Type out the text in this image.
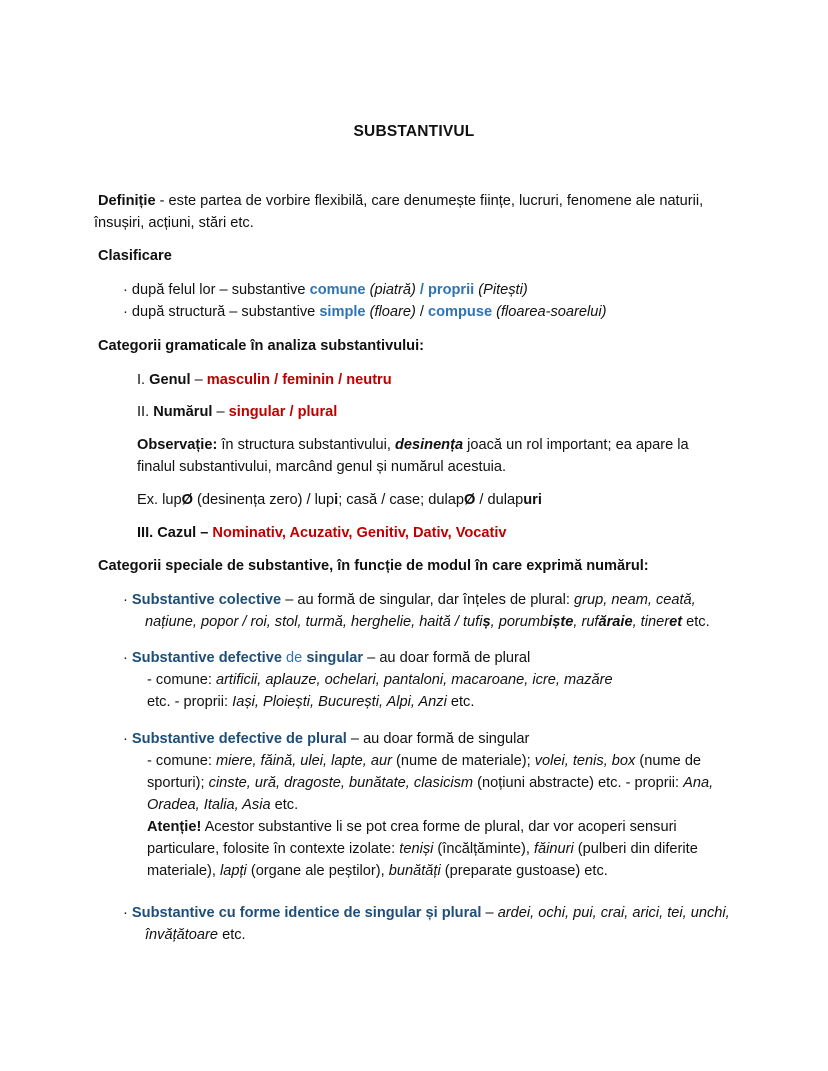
SUBSTANTIVUL
Definiție - este partea de vorbire flexibilă, care denumește ființe, lucruri, fenomene ale naturii,
însușiri, acțiuni, stări etc.
Clasificare
· după felul lor – substantive comune (piatră) / proprii (Pitești)
· după structură – substantive simple (floare) / compuse (floarea-soarelui)
Categorii gramaticale în analiza substantivului:
I. Genul – masculin / feminin / neutru
II. Numărul – singular / plural
Observație: în structura substantivului, desinența joacă un rol important; ea apare la
finalul substantivului, marcând genul și numărul acestuia.
Ex. lupØ (desinența zero) / lupi; casă / case; dulapØ / dulapuri
III. Cazul – Nominativ, Acuzativ, Genitiv, Dativ, Vocativ
Categorii speciale de substantive, în funcție de modul în care exprimă numărul:
· Substantive colective – au formă de singular, dar înțeles de plural: grup, neam, ceată,
națiune, popor / roi, stol, turmă, herghelie, haită / tufiș, porumbiște, rufăraie, tineret etc.
· Substantive defective de singular – au doar formă de plural
- comune: artificii, aplauze, ochelari, pantaloni, macaroane, icre, mazăre
etc. - proprii: Iași, Ploiești, București, Alpi, Anzi etc.
· Substantive defective de plural – au doar formă de singular
- comune: miere, făină, ulei, lapte, aur (nume de materiale); volei, tenis, box (nume de
sporturi); cinste, ură, dragoste, bunătate, clasicism (noțiuni abstracte) etc. - proprii: Ana,
Oradea, Italia, Asia etc.
Atenție! Acestor substantive li se pot crea forme de plural, dar vor acoperi sensuri
particulare, folosite în contexte izolate: teniși (încălțăminte), făinuri (pulberi din diferite
materiale), lapți (organe ale peștilor), bunătăți (preparate gustoase) etc.
· Substantive cu forme identice de singular și plural – ardei, ochi, pui, crai, arici, tei, unchi,
învățătoare etc.
